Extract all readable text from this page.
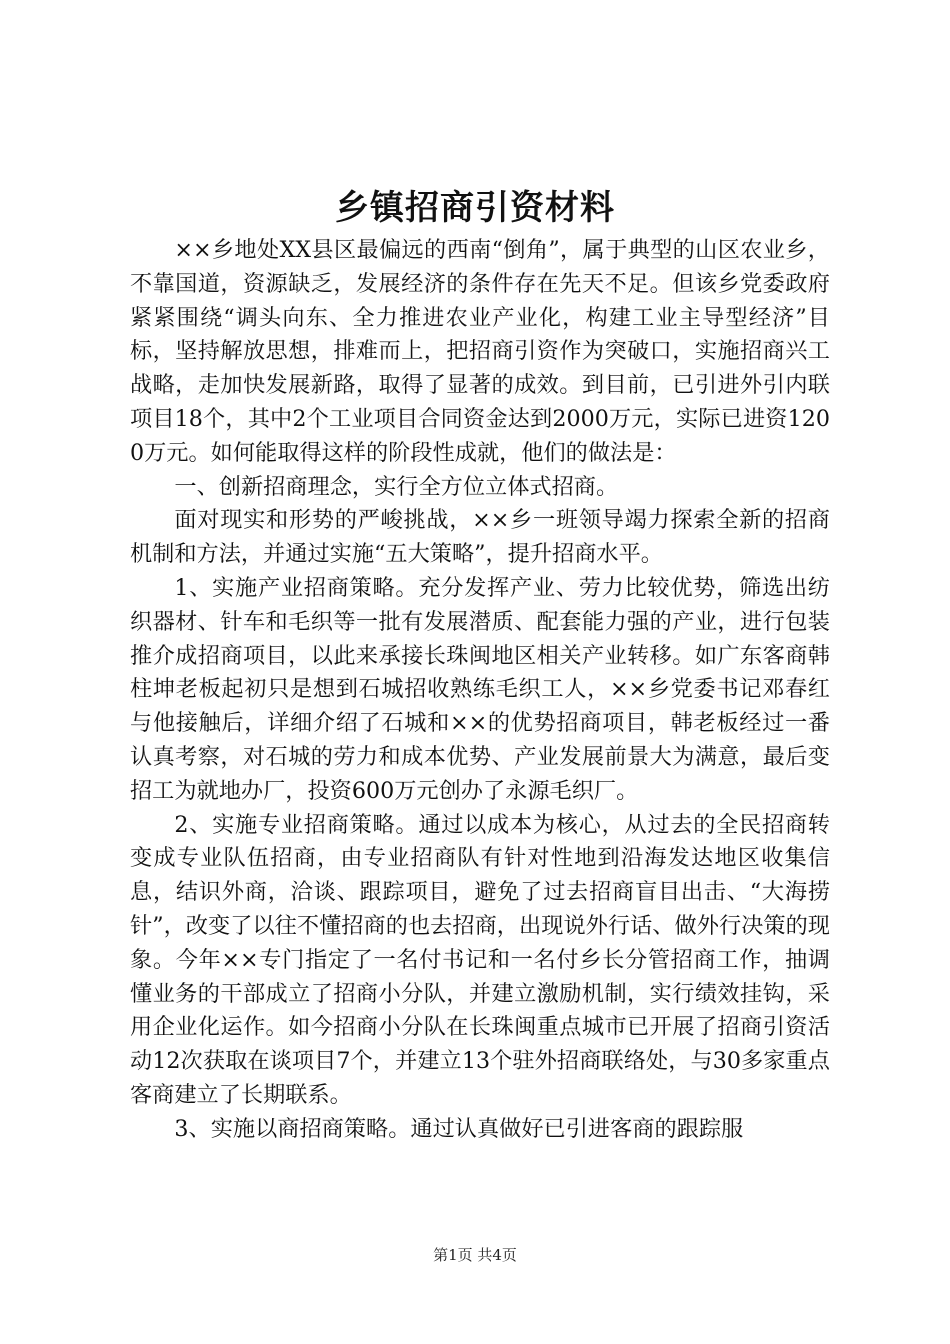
乡镇招商引资材料

××乡地处XX县区最偏远的西南“倒角”，属于典型的山区农业乡，不靠国道，资源缺乏，发展经济的条件存在先天不足。但该乡党委政府紧紧围绕“调头向东、全力推进农业产业化，构建工业主导型经济”目标，坚持解放思想，排难而上，把招商引资作为突破口，实施招商兴工战略，走加快发展新路，取得了显著的成效。到目前，已引进外引内联项目18个，其中2个工业项目合同资金达到2000万元，实际已进资1200万元。如何能取得这样的阶段性成就，他们的做法是：

一、创新招商理念，实行全方位立体式招商。

面对现实和形势的严峻挑战，××乡一班领导竭力探索全新的招商机制和方法，并通过实施“五大策略”，提升招商水平。

1、实施产业招商策略。充分发挥产业、劳力比较优势，筛选出纺织器材、针车和毛织等一批有发展潜质、配套能力强的产业，进行包装推介成招商项目，以此来承接长珠闽地区相关产业转移。如广东客商韩柱坤老板起初只是想到石城招收熟练毛织工人，××乡党委书记邓春红与他接触后，详细介绍了石城和××的优势招商项目，韩老板经过一番认真考察，对石城的劳力和成本优势、产业发展前景大为满意，最后变招工为就地办厂，投资600万元创办了永源毛织厂。

2、实施专业招商策略。通过以成本为核心，从过去的全民招商转变成专业队伍招商，由专业招商队有针对性地到沿海发达地区收集信息，结识外商，洽谈、跟踪项目，避免了过去招商盲目出击、“大海捞针”，改变了以往不懂招商的也去招商，出现说外行话、做外行决策的现象。今年××专门指定了一名付书记和一名付乡长分管招商工作，抽调懂业务的干部成立了招商小分队，并建立激励机制，实行绩效挂钩，采用企业化运作。如今招商小分队在长珠闽重点城市已开展了招商引资活动12次获取在谈项目7个，并建立13个驻外招商联络处，与30多家重点客商建立了长期联系。

3、实施以商招商策略。通过认真做好已引进客商的跟踪服

第1页 共4页
